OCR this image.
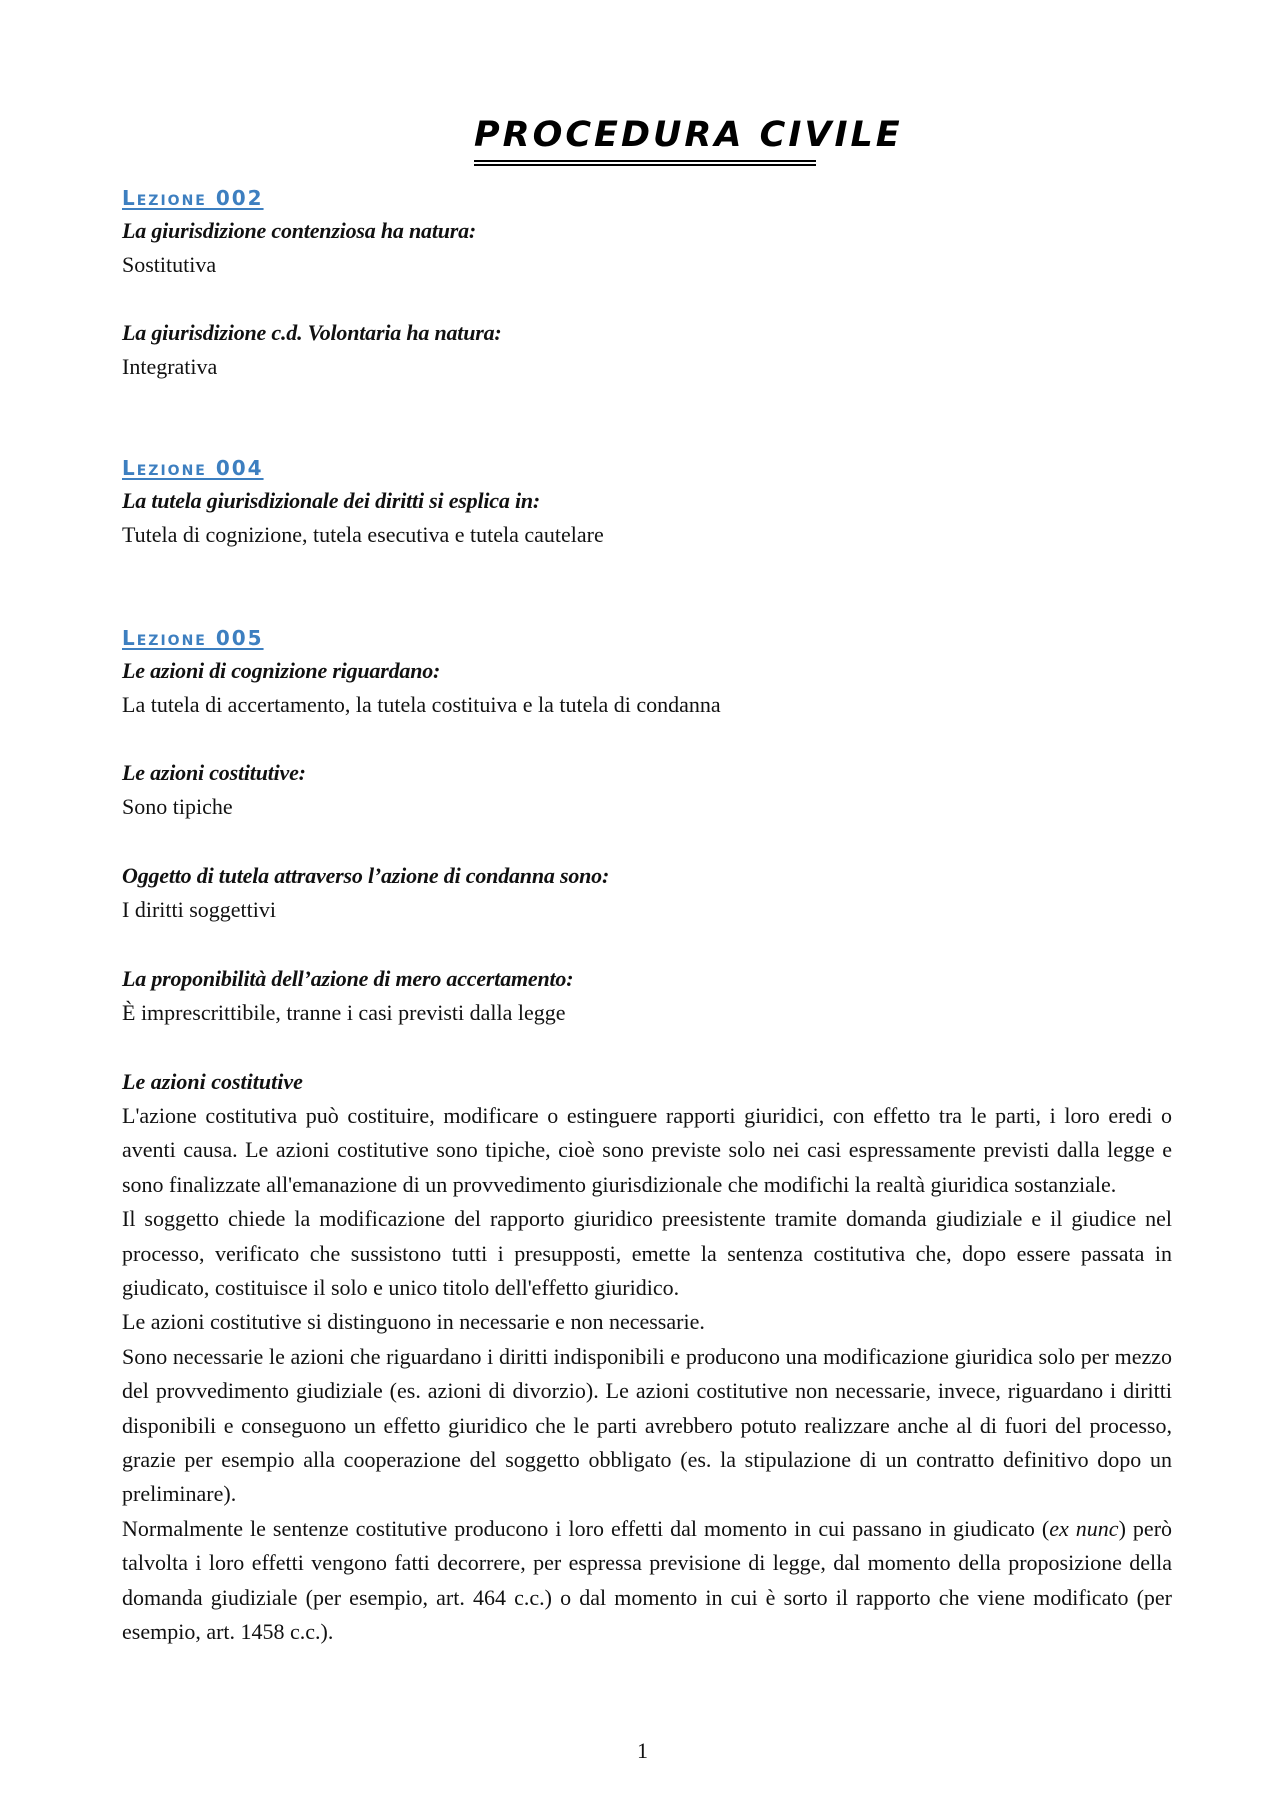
PROCEDURA CIVILE
Lezione 002
La giurisdizione contenziosa ha natura:
Sostitutiva
La giurisdizione c.d. Volontaria ha natura:
Integrativa
Lezione 004
La tutela giurisdizionale dei diritti si esplica in:
Tutela di cognizione, tutela esecutiva e tutela cautelare
Lezione 005
Le azioni di cognizione riguardano:
La tutela di accertamento, la tutela costituiva e la tutela di condanna
Le azioni costitutive:
Sono tipiche
Oggetto di tutela attraverso l’azione di condanna sono:
I diritti soggettivi
La proponibilità dell’azione di mero accertamento:
È imprescrittibile, tranne i casi previsti dalla legge
Le azioni costitutive

L'azione costitutiva può costituire, modificare o estinguere rapporti giuridici, con effetto tra le parti, i loro eredi o aventi causa. Le azioni costitutive sono tipiche, cioè sono previste solo nei casi espressamente previsti dalla legge e sono finalizzate all'emanazione di un provvedimento giurisdizionale che modifichi la realtà giuridica sostanziale.

Il soggetto chiede la modificazione del rapporto giuridico preesistente tramite domanda giudiziale e il giudice nel processo, verificato che sussistono tutti i presupposti, emette la sentenza costitutiva che, dopo essere passata in giudicato, costituisce il solo e unico titolo dell'effetto giuridico.

Le azioni costitutive si distinguono in necessarie e non necessarie.

Sono necessarie le azioni che riguardano i diritti indisponibili e producono una modificazione giuridica solo per mezzo del provvedimento giudiziale (es. azioni di divorzio). Le azioni costitutive non necessarie, invece, riguardano i diritti disponibili e conseguono un effetto giuridico che le parti avrebbero potuto realizzare anche al di fuori del processo, grazie per esempio alla cooperazione del soggetto obbligato (es. la stipulazione di un contratto definitivo dopo un preliminare).

Normalmente le sentenze costitutive producono i loro effetti dal momento in cui passano in giudicato (ex nunc) però talvolta i loro effetti vengono fatti decorrere, per espressa previsione di legge, dal momento della proposizione della domanda giudiziale (per esempio, art. 464 c.c.) o dal momento in cui è sorto il rapporto che viene modificato (per esempio, art. 1458 c.c.).

1
